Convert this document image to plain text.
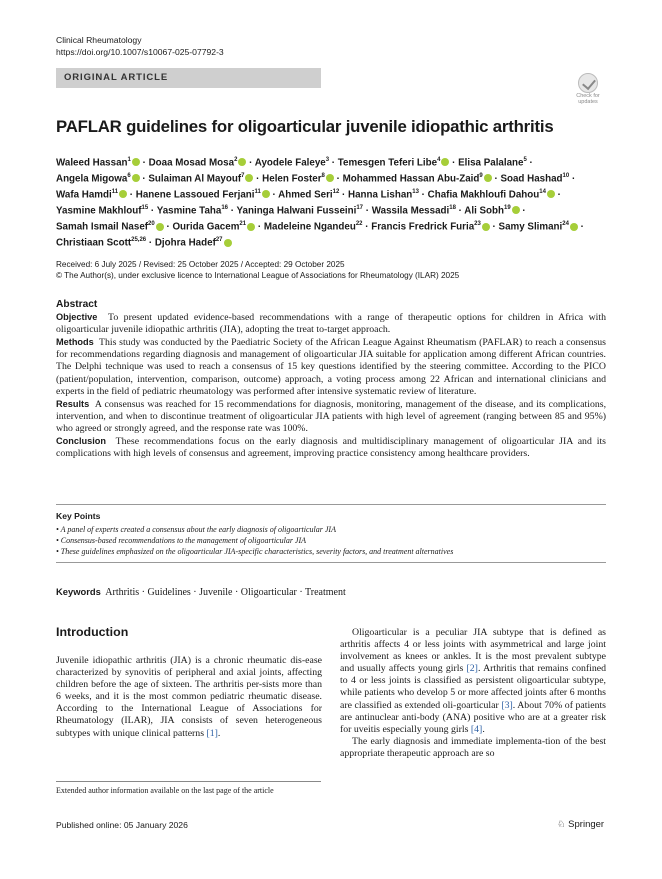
Clinical Rheumatology
https://doi.org/10.1007/s10067-025-07792-3
ORIGINAL ARTICLE
Check for
updates
PAFLAR guidelines for oligoarticular juvenile idiopathic arthritis
Waleed Hassan$^1$ · Doaa Mosad Mosa$^2$ · Ayodele Faleye$^3$ · Temesgen Teferi Libe$^4$ · Elisa Palalane$^5$ ·
Angela Migowa$^6$ · Sulaiman Al Mayouf$^7$ · Helen Foster$^8$ · Mohammed Hassan Abu-Zaid$^9$ · Soad Hashad$^{10}$ ·
Wafa Hamdi$^{11}$ · Hanene Lassoued Ferjani$^{11}$ · Ahmed Seri$^{12}$ · Hanna Lishan$^{13}$ · Chafia Makhloufi Dahou$^{14}$ ·
Yasmine Makhlouf$^{15}$ · Yasmine Taha$^{16}$ · Yaninga Halwani Fusseini$^{17}$ · Wassila Messadi$^{18}$ · Ali Sobh$^{19}$ ·
Samah Ismail Nasef$^{20}$ · Ourida Gacem$^{21}$ · Madeleine Ngandeu$^{22}$ · Francis Fredrick Furia$^{23}$ · Samy Slimani$^{24}$ ·
Christiaan Scott$^{25,26}$ · Djohra Hadef$^{27}$
Received: 6 July 2025 / Revised: 25 October 2025 / Accepted: 29 October 2025
© The Author(s), under exclusive licence to International League of Associations for Rheumatology (ILAR) 2025
Abstract

Objective To present updated evidence-based recommendations with a range of therapeutic options for children in Africa with oligoarticular juvenile idiopathic arthritis (JIA), adopting the treat to-target approach.

Methods This study was conducted by the Paediatric Society of the African League Against Rheumatism (PAFLAR) to reach a consensus for recommendations regarding diagnosis and management of oligoarticular JIA suitable for application among different African countries. The Delphi technique was used to reach a consensus of 15 key questions identified by the steering committee. According to the PICO (patient/population, intervention, comparison, outcome) approach, a voting process among 22 African and international clinicians and experts in the field of pediatric rheumatology was performed after intensive systematic review of literature.

Results A consensus was reached for 15 recommendations for diagnosis, monitoring, management of the disease, and its complications, intervention, and when to discontinue treatment of oligoarticular JIA patients with high level of agreement (ranging between 85 and 95%) who agreed or strongly agreed, and the response rate was 100%.

Conclusion These recommendations focus on the early diagnosis and multidisciplinary management of oligoarticular JIA and its complications with high levels of consensus and agreement, improving practice consistency among healthcare providers.

Key Points
• A panel of experts created a consensus about the early diagnosis of oligoarticular JIA
• Consensus-based recommendations to the management of oligoarticular JIA
• These guidelines emphasized on the oligoarticular JIA-specific characteristics, severity factors, and treatment alternatives
Keywords Arthritis · Guidelines · Juvenile · Oligoarticular · Treatment
Introduction

Juvenile idiopathic arthritis (JIA) is a chronic rheumatic dis-ease characterized by synovitis of peripheral and axial joints, affecting children before the age of sixteen. The arthritis per-sists more than 6 weeks, and it is the most common pediatric rheumatic disease. According to the International League of Associations for Rheumatology (ILAR), JIA consists of seven heterogeneous subtypes with unique clinical patterns [1].

Oligoarticular is a peculiar JIA subtype that is defined as arthritis affects 4 or less joints with asymmetrical and large joint involvement as knees or ankles. It is the most prevalent subtype and usually affects young girls [2]. Arthritis that remains confined to 4 or less joints is classified as persistent oligoarticular subtype, while patients who develop 5 or more affected joints after 6 months are classified as extended oli-goarticular [3]. About 70% of patients are antinuclear anti-body (ANA) positive who are at a greater risk for uveitis especially young girls [4].

The early diagnosis and immediate implementa-tion of the best appropriate therapeutic approach are so

Extended author information available on the last page of the article
Published online: 05 January 2026	♘ Springer
